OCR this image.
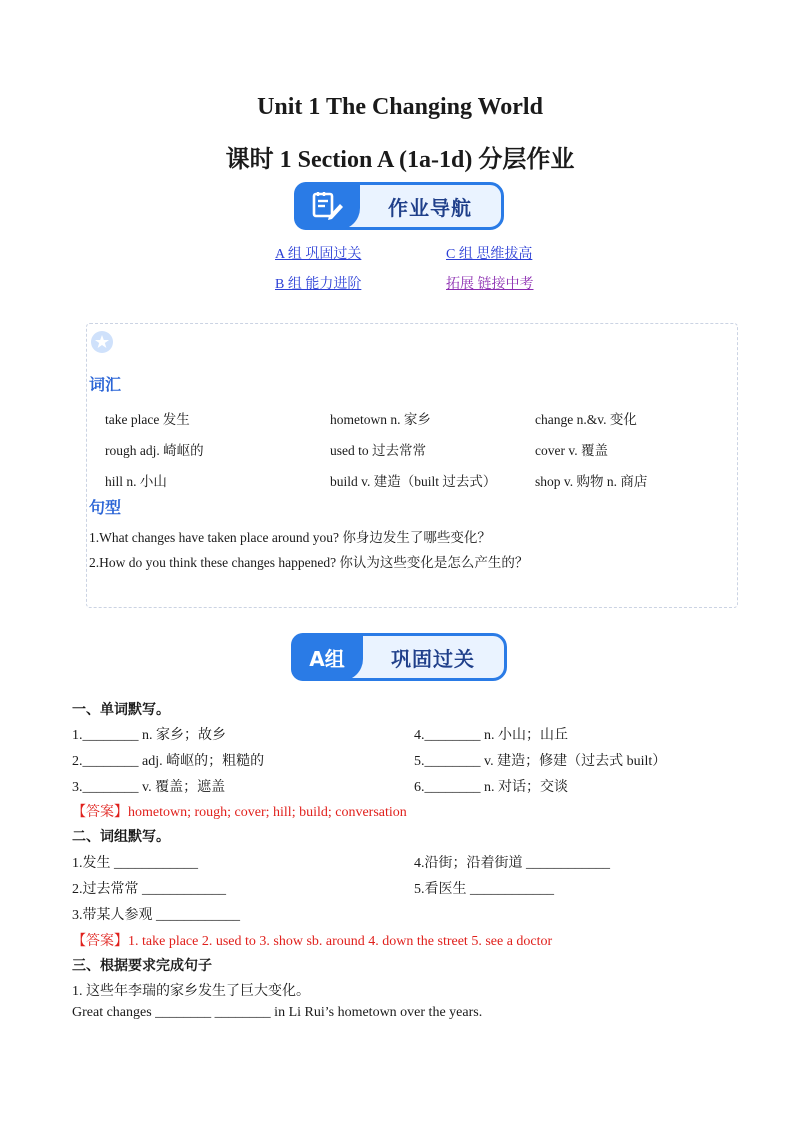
Unit 1 The Changing World
课时 1 Section A (1a-1d) 分层作业
作业导航
A 组 巩固过关	C 组 思维拔高
B 组 能力进阶	拓展 链接中考
词汇
take place 发生	hometown n. 家乡	change n.&v. 变化
rough adj. 崎岖的	used to 过去常常	cover v. 覆盖
hill n. 小山	build v. 建造（built 过去式）	shop v. 购物 n. 商店
句型
1.What changes have taken place around you? 你身边发生了哪些变化？
2.How do you think these changes happened? 你认为这些变化是怎么产生的？
A组	巩固过关
一、单词默写。
1.________ n. 家乡；故乡	4.________ n. 小山；山丘
2.________ adj. 崎岖的；粗糙的	5.________ v. 建造；修建（过去式 built）
3.________ v. 覆盖；遮盖	6.________ n. 对话；交谈
【答案】hometown; rough; cover; hill; build; conversation
二、词组默写。
1.发生 ____________	4.沿街；沿着街道 ____________
2.过去常常 ____________	5.看医生 ____________
3.带某人参观 ____________
【答案】1. take place 2. used to 3. show sb. around 4. down the street 5. see a doctor
三、根据要求完成句子
1. 这些年李瑞的家乡发生了巨大变化。
Great changes ________ ________ in Li Rui’s hometown over the years.
